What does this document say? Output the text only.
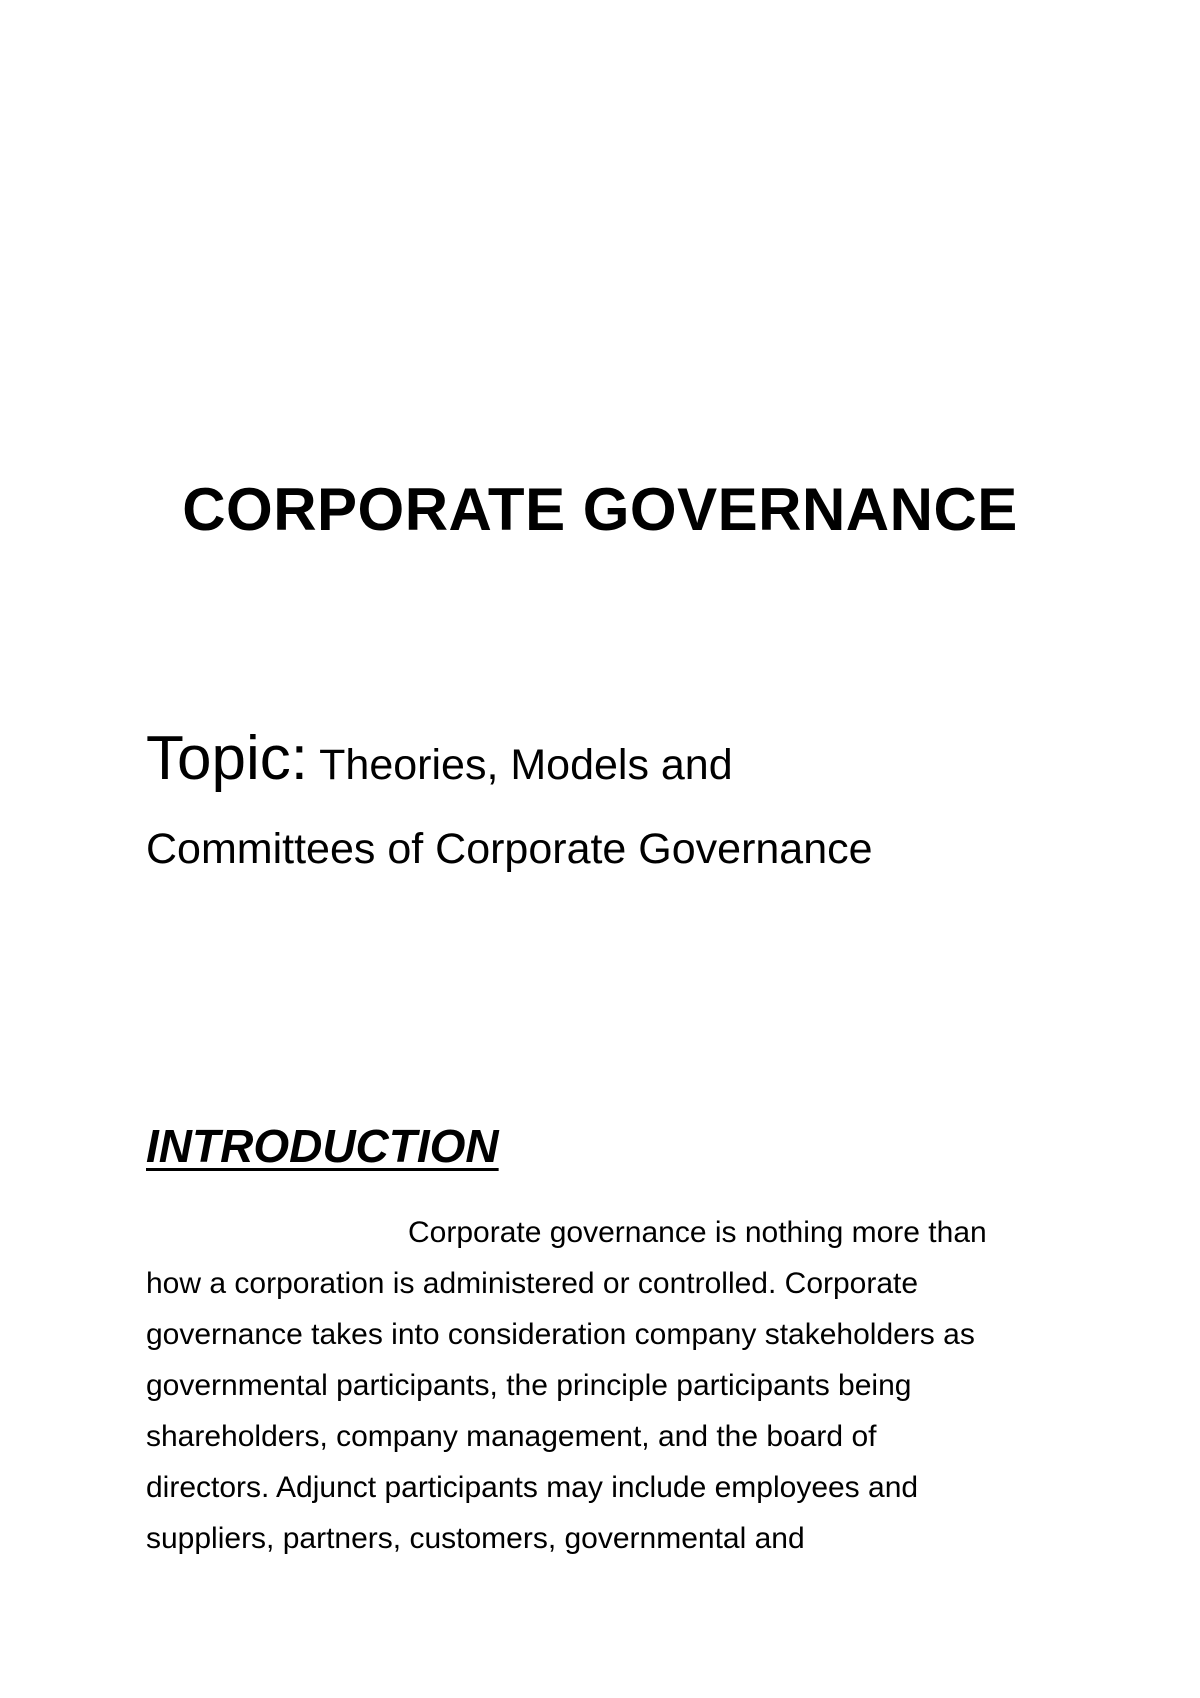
CORPORATE GOVERNANCE
Topic: Theories, Models and
Committees of Corporate Governance
INTRODUCTION
Corporate governance is nothing more than
how a corporation is administered or controlled. Corporate
governance takes into consideration company stakeholders as
governmental participants, the principle participants being
shareholders, company management, and the board of
directors. Adjunct participants may include employees and
suppliers, partners, customers, governmental and
